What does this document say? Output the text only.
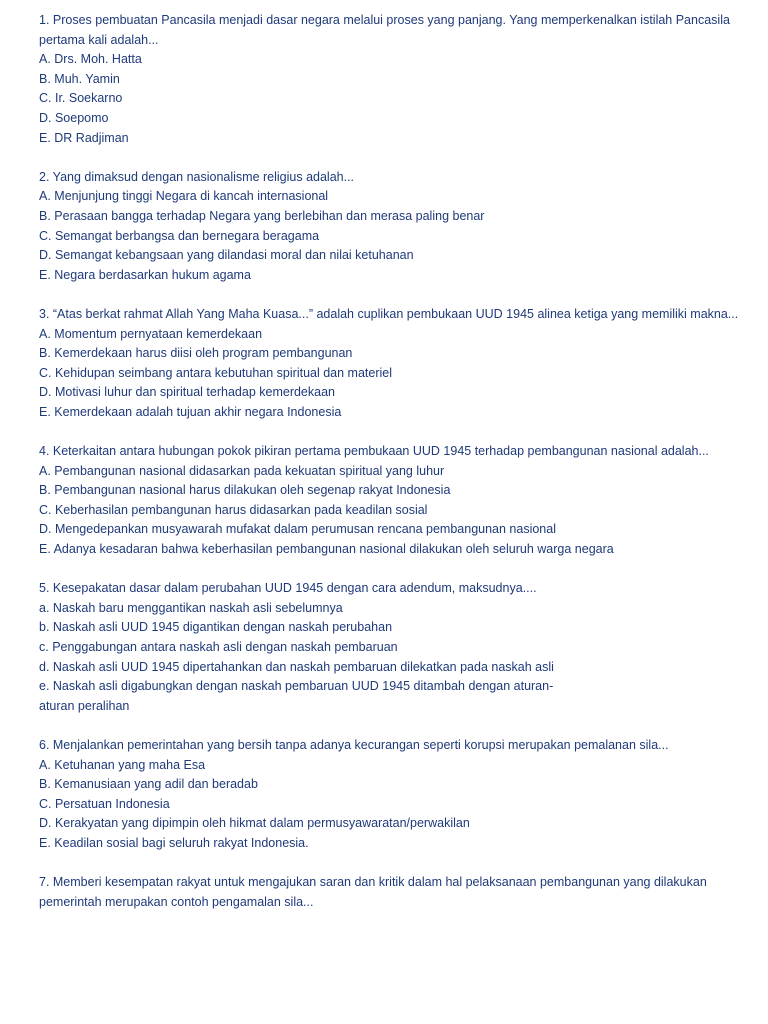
1. Proses pembuatan Pancasila menjadi dasar negara melalui proses yang panjang. Yang memperkenalkan istilah Pancasila pertama kali adalah...

A. Drs. Moh. Hatta

B. Muh. Yamin

C. Ir. Soekarno

D. Soepomo

E. DR Radjiman

2. Yang dimaksud dengan nasionalisme religius adalah...

A. Menjunjung tinggi Negara di kancah internasional

B. Perasaan bangga terhadap Negara yang berlebihan dan merasa paling benar

C. Semangat berbangsa dan bernegara beragama

D. Semangat kebangsaan yang dilandasi moral dan nilai ketuhanan

E. Negara berdasarkan hukum agama

3. “Atas berkat rahmat Allah Yang Maha Kuasa...” adalah cuplikan pembukaan UUD 1945 alinea ketiga yang memiliki makna...

A. Momentum pernyataan kemerdekaan

B. Kemerdekaan harus diisi oleh program pembangunan

C. Kehidupan seimbang antara kebutuhan spiritual dan materiel

D. Motivasi luhur dan spiritual terhadap kemerdekaan

E. Kemerdekaan adalah tujuan akhir negara Indonesia

4. Keterkaitan antara hubungan pokok pikiran pertama pembukaan UUD 1945 terhadap pembangunan nasional adalah...

A. Pembangunan nasional didasarkan pada kekuatan spiritual yang luhur

B. Pembangunan nasional harus dilakukan oleh segenap rakyat Indonesia

C. Keberhasilan pembangunan harus didasarkan pada keadilan sosial

D. Mengedepankan musyawarah mufakat dalam perumusan rencana pembangunan nasional

E. Adanya kesadaran bahwa keberhasilan pembangunan nasional dilakukan oleh seluruh warga negara

5. Kesepakatan dasar dalam perubahan UUD 1945 dengan cara adendum, maksudnya....

a. Naskah baru menggantikan naskah asli sebelumnya

b. Naskah asli UUD 1945 digantikan dengan naskah perubahan

c. Penggabungan antara naskah asli dengan naskah pembaruan

d. Naskah asli UUD 1945 dipertahankan dan naskah pembaruan dilekatkan pada naskah asli

e. Naskah asli digabungkan dengan naskah pembaruan UUD 1945 ditambah dengan aturan-

aturan peralihan

6. Menjalankan pemerintahan yang bersih tanpa adanya kecurangan seperti korupsi merupakan pemalanan sila...

A. Ketuhanan yang maha Esa

B. Kemanusiaan yang adil dan beradab

C. Persatuan Indonesia

D. Kerakyatan yang dipimpin oleh hikmat dalam permusyawaratan/perwakilan

E. Keadilan sosial bagi seluruh rakyat Indonesia.

7. Memberi kesempatan rakyat untuk mengajukan saran dan kritik dalam hal pelaksanaan pembangunan yang dilakukan pemerintah merupakan contoh pengamalan sila...
